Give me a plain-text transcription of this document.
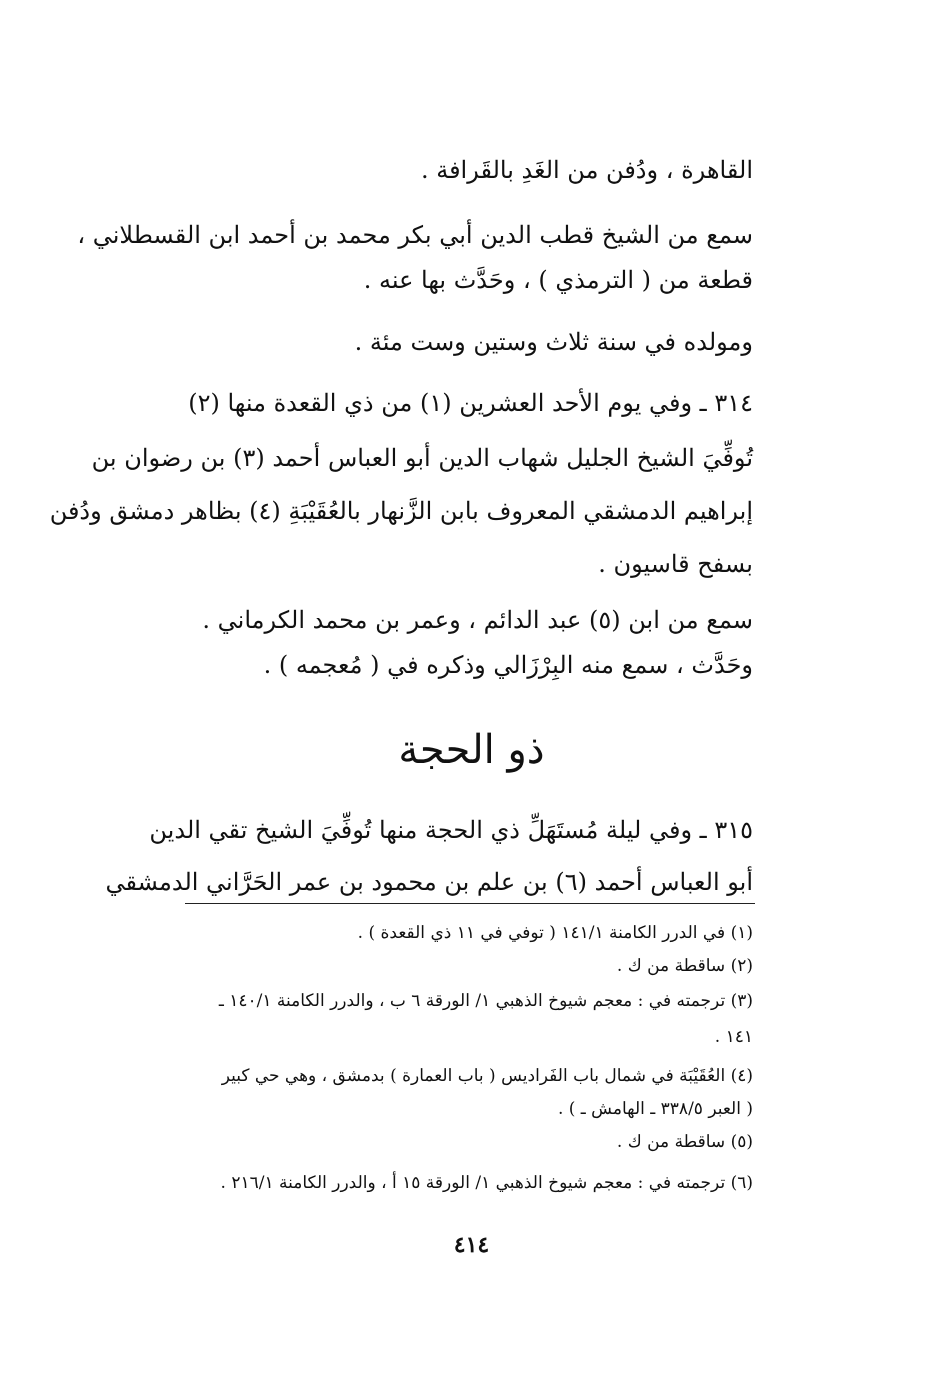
القاهرة ، ودُفن من الغَدِ بالقَرافة .
سمع من الشيخ قطب الدين أبي بكر محمد بن أحمد ابن القسطلاني ،
قطعة من ( الترمذي ) ، وحَدَّث بها عنه .
ومولده في سنة ثلاث وستين وست مئة .
٣١٤ ـ وفي يوم الأحد العشرين (١) من ذي القعدة منها (٢)
تُوفِّيَ الشيخ الجليل شهاب الدين أبو العباس أحمد (٣) بن رضوان بن
إبراهيم الدمشقي المعروف بابن الزَّنهار بالعُقَيْبَةِ (٤) بظاهر دمشق ودُفن
بسفح قاسيون .
سمع من ابن (٥) عبد الدائم ، وعمر بن محمد الكرماني .
وحَدَّث ، سمع منه البِرْزَالي وذكره في ( مُعجمه ) .
ذو الحجة
٣١٥ ـ وفي ليلة مُستَهَلِّ ذي الحجة منها تُوفِّيَ الشيخ تقي الدين
أبو العباس أحمد (٦) بن علم بن محمود بن عمر الحَرَّاني الدمشقي
(١) في الدرر الكامنة ١٤١/١ ( توفي في ١١ ذي القعدة ) .
(٢) ساقطة من ك .
(٣) ترجمته في : معجم شيوخ الذهبي ١/ الورقة ٦ ب ، والدرر الكامنة ١٤٠/١ ـ
١٤١ .
(٤) العُقَيْبَة في شمال باب الفَراديس ( باب العمارة ) بدمشق ، وهي حي كبير
( العبر ٣٣٨/٥ ـ الهامش ـ ) .
(٥) ساقطة من ك .
(٦) ترجمته في : معجم شيوخ الذهبي ١/ الورقة ١٥ أ ، والدرر الكامنة ٢١٦/١ .
٤١٤
